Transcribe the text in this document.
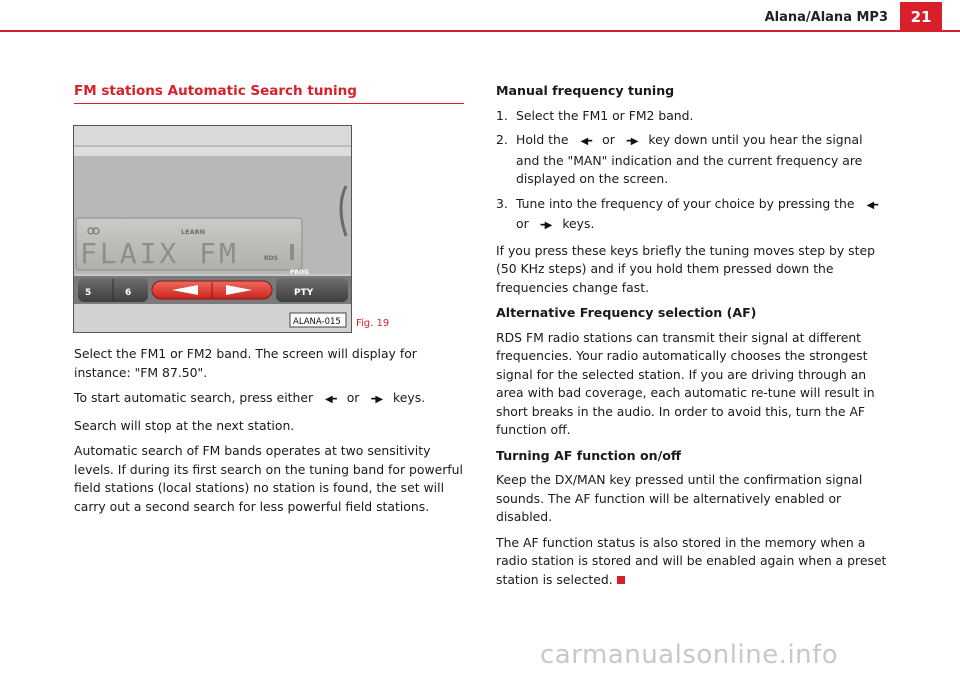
Alana/Alana MP3	21
FM stations Automatic Search tuning
LEARN
FLAIX FM	RDS
PROG
5	6	PTY
ALANA-015 Fig. 19

Select the FM1 or FM2 band. The screen will display for instance: "FM 87.50".

To start automatic search, press either ◀━ or ━▶ keys.

Search will stop at the next station.

Automatic search of FM bands operates at two sensitivity levels. If during its first search on the tuning band for powerful field stations (local stations) no station is found, the set will carry out a second search for less powerful field stations.

Manual frequency tuning
1. Select the FM1 or FM2 band.
2. Hold the ◀━ or ━▶ key down until you hear the signal and the "MAN" indication and the current frequency are displayed on the screen.
3. Tune into the frequency of your choice by pressing the ◀━ or ━▶ keys.

If you press these keys briefly the tuning moves step by step (50 KHz steps) and if you hold them pressed down the frequencies change fast.

Alternative Frequency selection (AF)

RDS FM radio stations can transmit their signal at different frequencies. Your radio automatically chooses the strongest signal for the selected station. If you are driving through an area with bad coverage, each automatic re-tune will result in short breaks in the audio. In order to avoid this, turn the AF function off.

Turning AF function on/off

Keep the DX/MAN key pressed until the confirmation signal sounds. The AF function will be alternatively enabled or disabled.

The AF function status is also stored in the memory when a radio station is stored and will be enabled again when a preset station is selected.

carmanualsonline.info
